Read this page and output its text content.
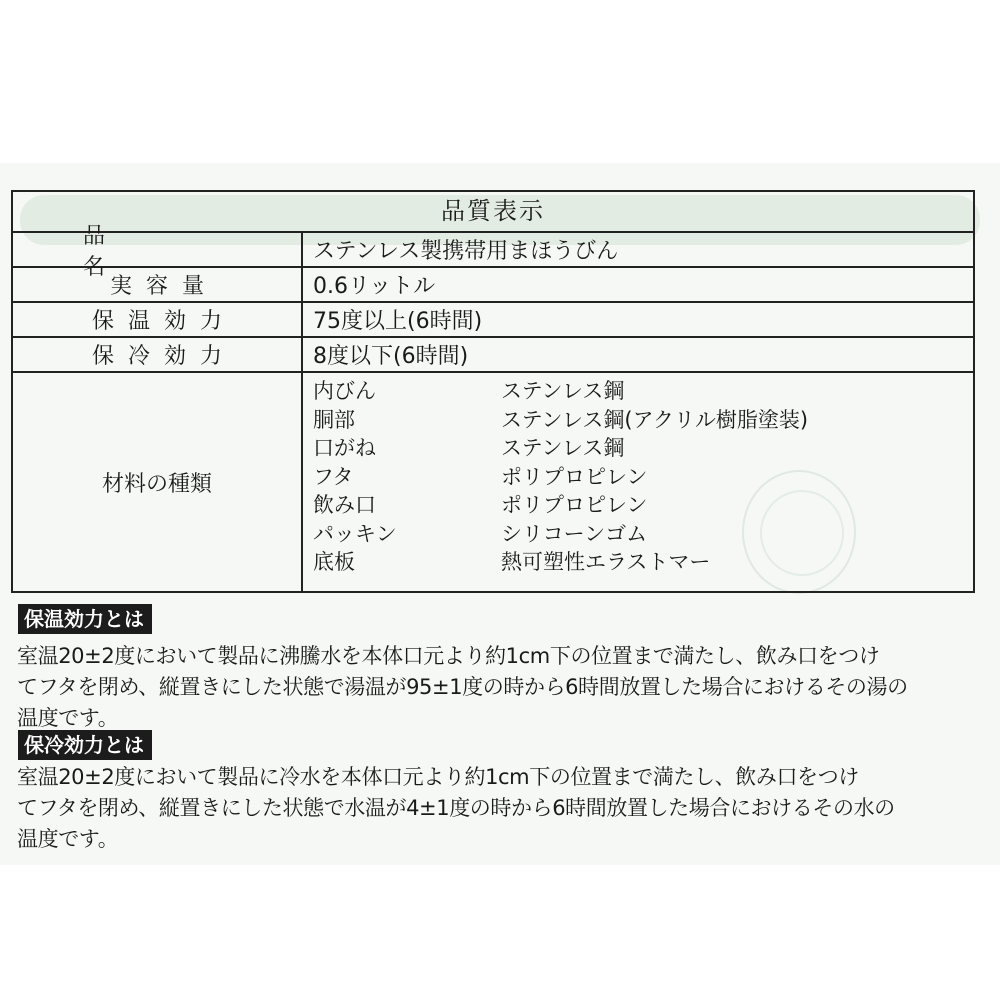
品質表示
品　名
ステンレス製携帯用まほうびん
実容量	0.6リットル
保温効力	75度以上(6時間)
保冷効力	8度以下(6時間)
材料の種類
内びん	ステンレス鋼
胴部	ステンレス鋼(アクリル樹脂塗装)
口がね	ステンレス鋼
フタ	ポリプロピレン
飲み口	ポリプロピレン
パッキン	シリコーンゴム
底板	熱可塑性エラストマー
保温効力とは
室温20±2度において製品に沸騰水を本体口元より約1cm下の位置まで満たし、飲み口をつけ
てフタを閉め、縦置きにした状態で湯温が95±1度の時から6時間放置した場合におけるその湯の
温度です。
保冷効力とは
室温20±2度において製品に冷水を本体口元より約1cm下の位置まで満たし、飲み口をつけ
てフタを閉め、縦置きにした状態で水温が4±1度の時から6時間放置した場合におけるその水の
温度です。
